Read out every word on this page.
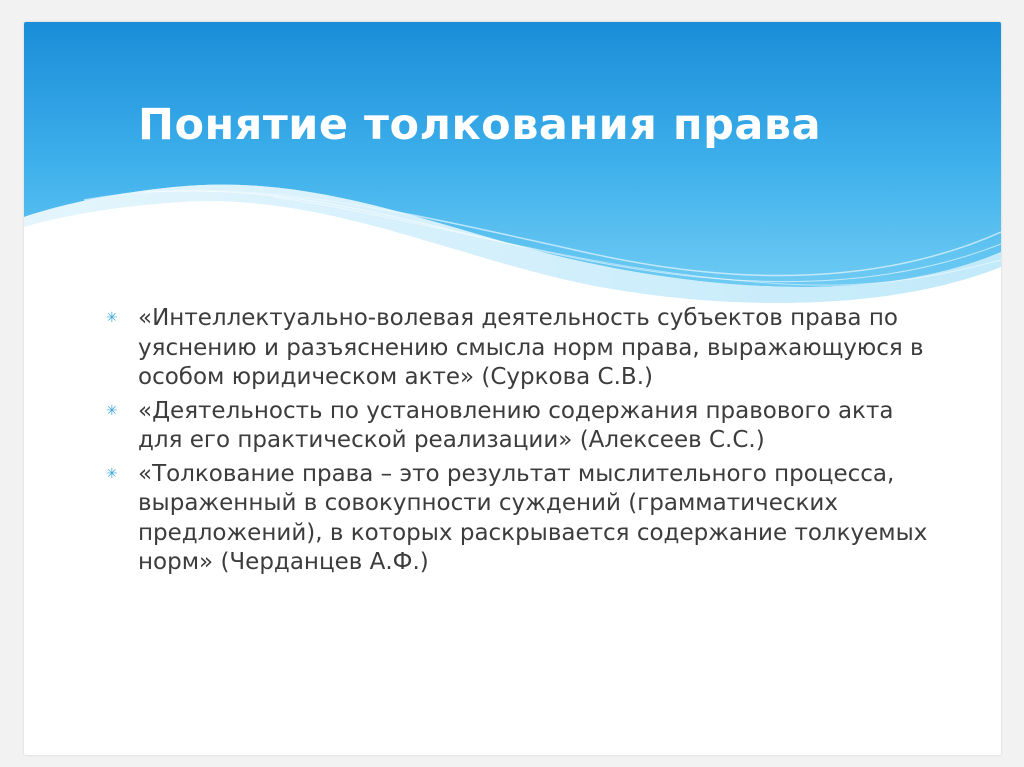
Понятие толкования права
✳ «Интеллектуально-волевая деятельность субъектов права по уяснению и разъяснению смысла норм права, выражающуюся в особом юридическом акте» (Суркова С.В.)
✳ «Деятельность по установлению содержания правового акта для его практической реализации» (Алексеев С.С.)
✳ «Толкование права – это результат мыслительного процесса, выраженный в совокупности суждений (грамматических предложений), в которых раскрывается содержание толкуемых норм» (Черданцев А.Ф.)
